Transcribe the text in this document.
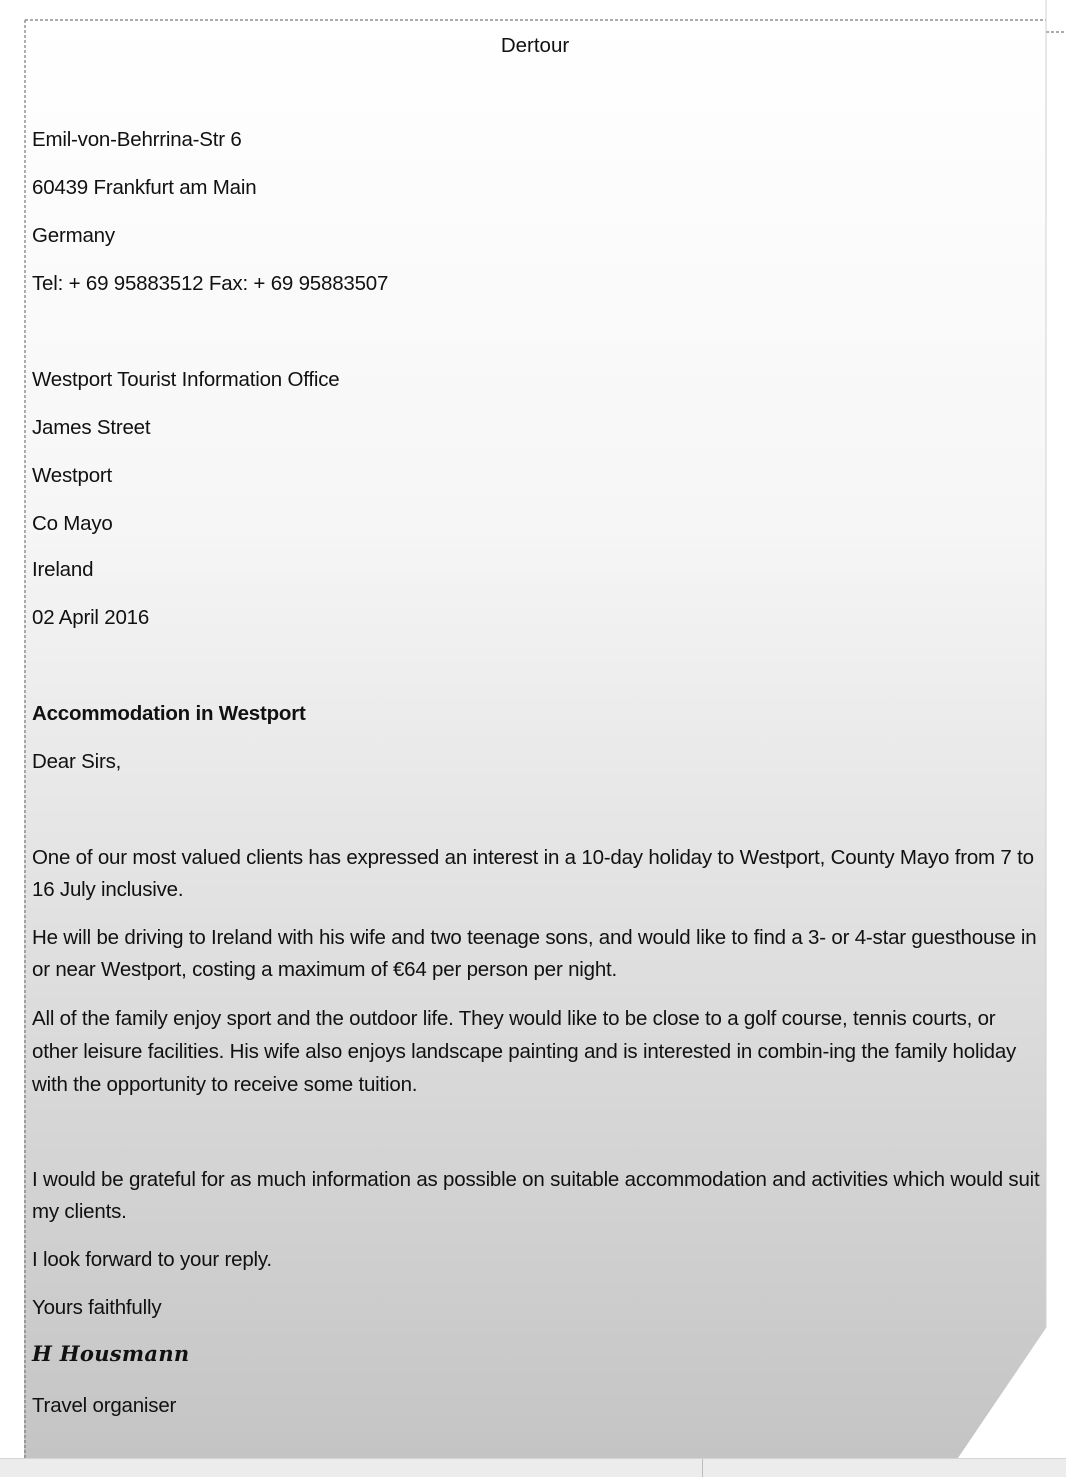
Dertour
Emil-von-Behrrina-Str 6
60439 Frankfurt am Main
Germany
Tel: + 69 95883512 Fax: + 69 95883507
Westport Tourist Information Office
James Street
Westport
Co Mayo
Ireland
02 April 2016
Accommodation in Westport
Dear Sirs,
One of our most valued clients has expressed an interest in a 10-day holiday to Westport, County Mayo from 7 to 16 July inclusive.
He will be driving to Ireland with his wife and two teenage sons, and would like to find a 3- or 4-star guesthouse in or near Westport, costing a maximum of €64 per person per night.
All of the family enjoy sport and the outdoor life. They would like to be close to a golf course, tennis courts, or other leisure facilities. His wife also enjoys landscape painting and is interested in combin-ing the family holiday with the opportunity to receive some tuition.
I would be grateful for as much information as possible on suitable accommodation and activities which would suit my clients.
I look forward to your reply.
Yours faithfully
H Housmann
Travel organiser
